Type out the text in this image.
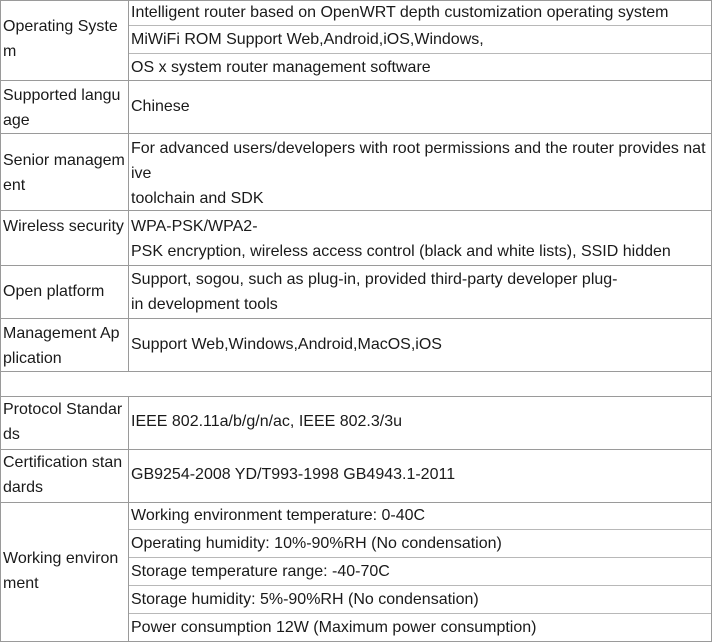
Operating System
Intelligent router based on OpenWRT depth customization operating system
MiWiFi ROM Support Web,Android,iOS,Windows,
OS x system router management software
Supported language
Chinese
Senior management
For advanced users/developers with root permissions and the router provides native
toolchain and SDK
Wireless security WPA-PSK/WPA2-
PSK encryption, wireless access control (black and white lists), SSID hidden
Open platform
Support, sogou, such as plug-in, provided third-party developer plug-
in development tools
Management Application
Support Web,Windows,Android,MacOS,iOS
Protocol Standards
IEEE 802.11a/b/g/n/ac, IEEE 802.3/3u
Certification standards
GB9254-2008 YD/T993-1998 GB4943.1-2011
Working environment
Working environment temperature: 0-40C
Operating humidity: 10%-90%RH (No condensation)
Storage temperature range: -40-70C
Storage humidity: 5%-90%RH (No condensation)
Power consumption 12W (Maximum power consumption)
